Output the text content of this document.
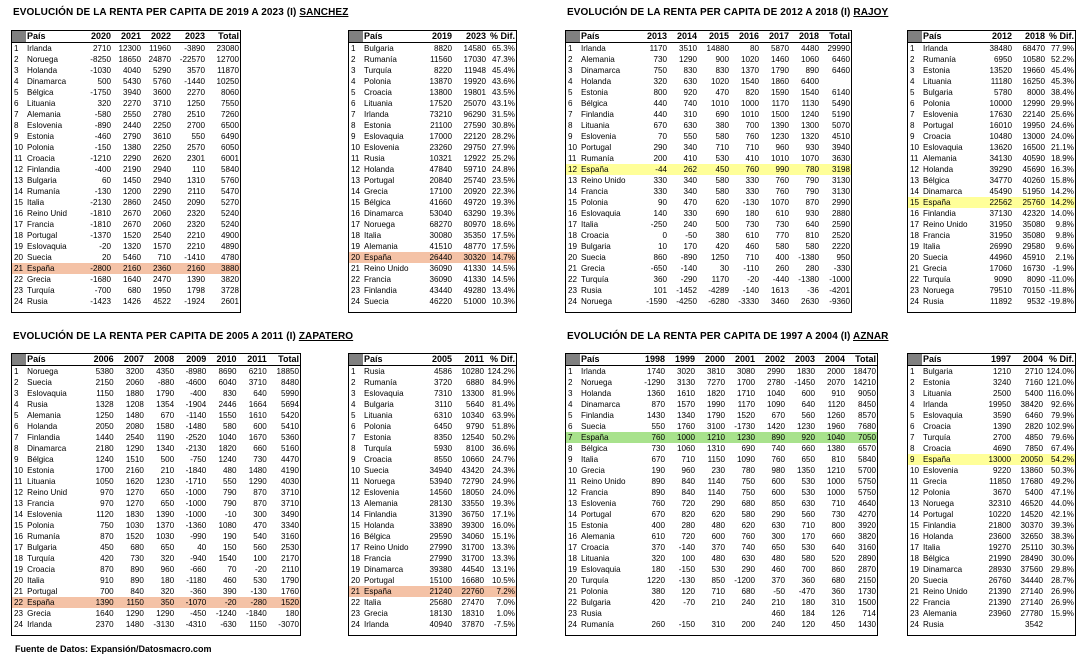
EVOLUCIÓN DE LA RENTA PER CAPITA DE 2019 A 2023 (I) SANCHEZ
	País	2020	2021	2022	2023	Total
1	Irlanda	2710	12300	11960	-3890	23080
2	Noruega	-8250	18650	24870	-22570	12700
3	Holanda	-1030	4040	5290	3570	11870
4	Dinamarca	500	5430	5760	-1440	10250
5	Bélgica	-1750	3940	3600	2270	8060
6	Lituania	320	2270	3710	1250	7550
7	Alemania	-580	2550	2780	2510	7260
8	Eslovenia	-890	2440	2250	2700	6500
9	Estonia	-460	2790	3610	550	6490
10	Polonia	-150	1380	2250	2570	6050
11	Croacia	-1210	2290	2620	2301	6001
12	Finlandia	-400	2190	2940	110	5840
13	Bulgaria	60	1450	2940	1310	5760
14	Rumanía	-130	1200	2290	2110	5470
15	Italia	-2130	2860	2450	2090	5270
16	Reino Unid	-1810	2670	2060	2320	5240
17	Francia	-1810	2670	2060	2320	5240
18	Portugal	-1370	1520	2540	2210	4900
19	Eslovaquia	-20	1320	1570	2210	4890
20	Suecia	20	5460	710	-1410	4780
21	España	-2800	2160	2360	2160	3880
22	Grecia	-1680	1640	2470	1390	3820
23	Turquía	-700	680	1950	1798	3728
24	Rusia	-1423	1426	4522	-1924	2601
	País	2019	2023	% Dif.
1	Bulgaria	8820	14580	65.3%
2	Rumanía	11560	17030	47.3%
3	Turquía	8220	11948	45.4%
4	Polonia	13870	19920	43.6%
5	Croacia	13800	19801	43.5%
6	Lituania	17520	25070	43.1%
7	Irlanda	73210	96290	31.5%
8	Estonia	21100	27590	30.8%
9	Eslovaquia	17000	22120	28.2%
10	Eslovenia	23260	29750	27.9%
11	Rusia	10321	12922	25.2%
12	Holanda	47840	59710	24.8%
13	Portugal	20840	25740	23.5%
14	Grecia	17100	20920	22.3%
15	Bélgica	41660	49720	19.3%
16	Dinamarca	53040	63290	19.3%
17	Noruega	68270	80970	18.6%
18	Italia	30080	35350	17.5%
19	Alemania	41510	48770	17.5%
20	España	26440	30320	14.7%
21	Reino Unido	36090	41330	14.5%
22	Francia	36090	41330	14.5%
23	Finlandia	43440	49280	13.4%
24	Suecia	46220	51000	10.3%
EVOLUCIÓN DE LA RENTA PER CAPITA DE 2012 A 2018 (I) RAJOY
	País	2013	2014	2015	2016	2017	2018	Total
1	Irlanda	1170	3510	14880	80	5870	4480	29990
2	Alemania	730	1290	900	1020	1460	1060	6460
3	Dinamarca	750	830	830	1370	1790	890	6460
4	Holanda	320	630	1020	1540	1860	6400	
5	Estonia	800	920	470	820	1590	1540	6140
6	Bélgica	440	740	1010	1000	1170	1130	5490
7	Finlandia	440	310	690	1010	1500	1240	5190
8	Lituania	670	630	380	700	1390	1300	5070
9	Eslovenia	70	550	580	760	1230	1320	4510
10	Portugal	290	340	710	710	960	930	3940
11	Rumanía	200	410	530	410	1010	1070	3630
12	España	-44	262	450	760	990	780	3198
13	Reino Unido	330	340	580	330	760	790	3130
14	Francia	330	340	580	330	760	790	3130
15	Polonia	90	470	620	-130	1070	870	2990
16	Eslovaquia	140	330	690	180	610	930	2880
17	Italia	-250	240	500	730	730	640	2590
18	Croacia	0	-50	380	610	770	810	2520
19	Bulgaria	10	170	420	460	580	580	2220
20	Suecia	860	-890	1250	710	400	-1380	950
21	Grecia	-650	-140	30	-110	260	280	-330
22	Turquía	360	-290	1170	-20	-440	-1380	-1000
23	Rusia	101	-1452	-4289	-140	1613	-36	-4201
24	Noruega	-1590	-4250	-6280	-3330	3460	2630	-9360
	País	2012	2018	% Dif.
1	Irlanda	38480	68470	77.9%
2	Rumanía	6950	10580	52.2%
3	Estonia	13520	19660	45.4%
4	Lituania	11180	16250	45.3%
5	Bulgaria	5780	8000	38.4%
6	Polonia	10000	12990	29.9%
7	Eslovenia	17630	22140	25.6%
8	Portugal	16010	19950	24.6%
9	Croacia	10480	13000	24.0%
10	Eslovaquia	13620	16500	21.1%
11	Alemania	34130	40590	18.9%
12	Holanda	39290	45690	16.3%
13	Bélgica	34770	40260	15.8%
14	Dinamarca	45490	51950	14.2%
15	España	22562	25760	14.2%
16	Finlandia	37130	42320	14.0%
17	Reino Unido	31950	35080	9.8%
18	Francia	31950	35080	9.8%
19	Italia	26990	29580	9.6%
20	Suecia	44960	45910	2.1%
21	Grecia	17060	16730	-1.9%
22	Turquía	9090	8090	-11.0%
23	Noruega	79510	70150	-11.8%
24	Rusia	11892	9532	-19.8%
EVOLUCIÓN DE LA RENTA PER CAPITA DE 2005 A 2011 (I) ZAPATERO
	País	2006	2007	2008	2009	2010	2011	Total
1	Noruega	5380	3200	4350	-8980	8690	6210	18850
2	Suecia	2150	2060	-880	-4600	6040	3710	8480
3	Eslovaquia	1150	1880	1790	-400	830	640	5990
4	Rusia	1328	1208	1354	-1904	2446	1664	5694
5	Alemania	1250	1480	670	-1140	1550	1610	5420
6	Holanda	2050	2080	1580	-1480	580	600	5410
7	Finlandia	1440	2540	1190	-2520	1040	1670	5360
8	Dinamarca	2180	1290	1340	-2130	1820	660	5160
9	Bélgica	1240	1510	500	-750	1240	730	4470
10	Estonia	1700	2160	210	-1840	480	1480	4190
11	Lituania	1050	1620	1230	-1710	550	1290	4030
12	Reino Unid	970	1270	650	-1000	790	870	3710
13	Francia	970	1270	650	-1000	790	870	3710
14	Eslovenia	1120	1830	1390	-1000	-10	300	3490
15	Polonia	750	1030	1370	-1360	1080	470	3340
16	Rumanía	870	1520	1030	-990	190	540	3160
17	Bulgaria	450	680	650	40	150	560	2530
18	Turquía	420	730	320	-940	1540	100	2170
19	Croacia	870	890	960	-660	70	-20	2110
20	Italia	910	890	180	-1180	460	530	1790
21	Portugal	700	840	320	-360	390	-130	1760
22	España	1390	1150	350	-1070	-20	-280	1520
23	Grecia	1640	1290	1290	-450	-1240	-1840	180
24	Irlanda	2370	1480	-3130	-4310	-630	1150	-3070
	País	2005	2011	% Dif.
1	Rusia	4586	10280	124.2%
2	Rumanía	3720	6880	84.9%
3	Eslovaquia	7310	13300	81.9%
4	Bulgaria	3110	5640	81.4%
5	Lituania	6310	10340	63.9%
6	Polonia	6450	9790	51.8%
7	Estonia	8350	12540	50.2%
8	Turquía	5930	8100	36.6%
9	Croacia	8550	10660	24.7%
10	Suecia	34940	43420	24.3%
11	Noruega	53940	72790	24.9%
12	Eslovenia	14560	18050	24.0%
13	Alemania	28130	33550	19.3%
14	Finlandia	31390	36750	17.1%
15	Holanda	33890	39300	16.0%
16	Bélgica	29590	34060	15.1%
17	Reino Unido	27990	31700	13.3%
18	Francia	27990	31700	13.3%
19	Dinamarca	39380	44540	13.1%
20	Portugal	15100	16680	10.5%
21	España	21240	22760	7.2%
22	Italia	25680	27470	7.0%
23	Grecia	18130	18310	1.0%
24	Irlanda	40940	37870	-7.5%
EVOLUCIÓN DE LA RENTA PER CAPITA DE 1997 A 2004 (I) AZNAR
	País	1998	1999	2000	2001	2002	2003	2004	Total
1	Irlanda	1740	3020	3810	3080	2990	1830	2000	18470
2	Noruega	-1290	3130	7270	1700	2780	-1450	2070	14210
3	Holanda	1360	1610	1820	1710	1040	600	910	9050
4	Dinamarca	870	1570	1990	1170	1090	640	1120	8450
5	Finlandia	1430	1340	1790	1520	670	560	1260	8570
6	Suecia	550	1760	3100	-1730	1420	1230	1960	7680
7	España	760	1000	1210	1230	890	920	1040	7050
8	Bélgica	730	1060	1310	690	740	660	1380	6570
9	Italia	670	710	1150	1090	760	650	810	5840
10	Grecia	190	960	230	780	980	1350	1210	5700
11	Reino Unido	890	840	1140	750	600	530	1000	5750
12	Francia	890	840	1140	750	600	530	1000	5750
13	Eslovenia	760	720	290	680	850	630	710	4640
14	Portugal	670	820	620	580	290	560	730	4270
15	Estonia	400	280	480	620	630	710	800	3920
16	Alemania	610	720	600	760	300	170	660	3820
17	Croacia	370	-140	370	740	650	530	640	3160
18	Lituania	320	100	480	630	480	580	520	2890
19	Eslovaquia	180	-150	530	290	460	700	860	2870
20	Turquía	1220	-130	850	-1200	370	360	680	2150
21	Polonia	380	120	710	680	-50	-470	360	1730
22	Bulgaria	420	-70	210	240	210	180	310	1500
23	Rusia					460	184	126	714
24	Rumanía	260	-150	310	200	240	120	450	1430
	País	1997	2004	% Dif.
1	Bulgaria	1210	2710	124.0%
2	Estonia	3240	7160	121.0%
3	Lituania	2500	5400	116.0%
4	Irlanda	19950	38420	92.6%
5	Eslovaquia	3590	6460	79.9%
6	Croacia	1390	2820	102.9%
7	Turquía	2700	4850	79.6%
8	Croacia	4690	7850	67.4%
9	España	13000	20050	54.2%
10	Eslovenia	9220	13860	50.3%
11	Grecia	11850	17680	49.2%
12	Polonia	3670	5400	47.1%
13	Noruega	32310	46520	44.0%
14	Portugal	10220	14520	42.1%
15	Finlandia	21800	30370	39.3%
16	Holanda	23600	32650	38.3%
17	Italia	19270	25110	30.3%
18	Bélgica	21990	28490	30.0%
19	Dinamarca	28930	37560	29.8%
20	Suecia	26760	34440	28.7%
21	Reino Unido	21390	27140	26.9%
22	Francia	21390	27140	26.9%
23	Alemania	23960	27780	15.9%
24	Rusia		3542	
Fuente de Datos: Expansión/Datosmacro.com
